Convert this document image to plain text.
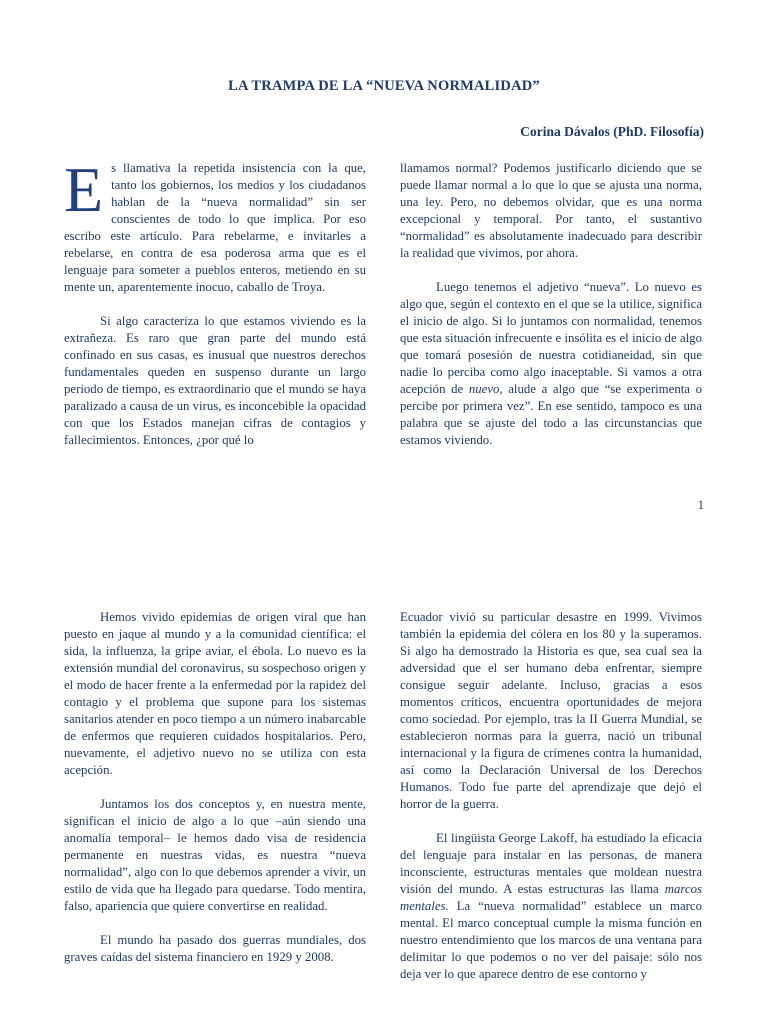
LA TRAMPA DE LA “NUEVA NORMALIDAD”
Corina Dávalos (PhD. Filosofía)

Es llamativa la repetida insistencia con la que, tanto los gobiernos, los medios y los ciudadanos hablan de la “nueva normalidad” sin ser conscientes de todo lo que implica. Por eso escribo este artículo. Para rebelarme, e invitarles a rebelarse, en contra de esa poderosa arma que es el lenguaje para someter a pueblos enteros, metiendo en su mente un, aparentemente inocuo, caballo de Troya.

Si algo caracteriza lo que estamos viviendo es la extrañeza. Es raro que gran parte del mundo está confinado en sus casas, es inusual que nuestros derechos fundamentales queden en suspenso durante un largo periodo de tiempo, es extraordinario que el mundo se haya paralizado a causa de un virus, es inconcebible la opacidad con que los Estados manejan cifras de contagios y fallecimientos. Entonces, ¿por qué lo

llamamos normal? Podemos justificarlo diciendo que se puede llamar normal a lo que lo que se ajusta una norma, una ley. Pero, no debemos olvidar, que es una norma excepcional y temporal. Por tanto, el sustantivo “normalidad” es absolutamente inadecuado para describir la realidad que vivimos, por ahora.

Luego tenemos el adjetivo “nueva”. Lo nuevo es algo que, según el contexto en el que se la utilice, significa el inicio de algo. Si lo juntamos con normalidad, tenemos que esta situación infrecuente e insólita es el inicio de algo que tomará posesión de nuestra cotidianeidad, sin que nadie lo perciba como algo inaceptable. Si vamos a otra acepción de nuevo, alude a algo que “se experimenta o percibe por primera vez”. En ese sentido, tampoco es una palabra que se ajuste del todo a las circunstancias que estamos viviendo.

1

Hemos vivido epidemias de origen viral que han puesto en jaque al mundo y a la comunidad científica: el sida, la influenza, la gripe aviar, el ébola. Lo nuevo es la extensión mundial del coronavirus, su sospechoso origen y el modo de hacer frente a la enfermedad por la rapidez del contagio y el problema que supone para los sistemas sanitarios atender en poco tiempo a un número inabarcable de enfermos que requieren cuidados hospitalarios. Pero, nuevamente, el adjetivo nuevo no se utiliza con esta acepción.

Juntamos los dos conceptos y, en nuestra mente, significan el inicio de algo a lo que –aún siendo una anomalía temporal– le hemos dado visa de residencia permanente en nuestras vidas, es nuestra “nueva normalidad”, algo con lo que debemos aprender a vivir, un estilo de vida que ha llegado para quedarse. Todo mentira, falso, apariencia que quiere convertirse en realidad.

El mundo ha pasado dos guerras mundiales, dos graves caídas del sistema financiero en 1929 y 2008.

Ecuador vivió su particular desastre en 1999. Vivimos también la epidemia del cólera en los 80 y la superamos. Si algo ha demostrado la Historia es que, sea cual sea la adversidad que el ser humano deba enfrentar, siempre consigue seguir adelante. Incluso, gracias a esos momentos críticos, encuentra oportunidades de mejora como sociedad. Por ejemplo, tras la II Guerra Mundial, se establecieron normas para la guerra, nació un tribunal internacional y la figura de crímenes contra la humanidad, así como la Declaración Universal de los Derechos Humanos. Todo fue parte del aprendizaje que dejó el horror de la guerra.

El lingüista George Lakoff, ha estudiado la eficacia del lenguaje para instalar en las personas, de manera inconsciente, estructuras mentales que moldean nuestra visión del mundo. A estas estructuras las llama marcos mentales. La “nueva normalidad” establece un marco mental. El marco conceptual cumple la misma función en nuestro entendimiento que los marcos de una ventana para delimitar lo que podemos o no ver del paisaje: sólo nos deja ver lo que aparece dentro de ese contorno y
